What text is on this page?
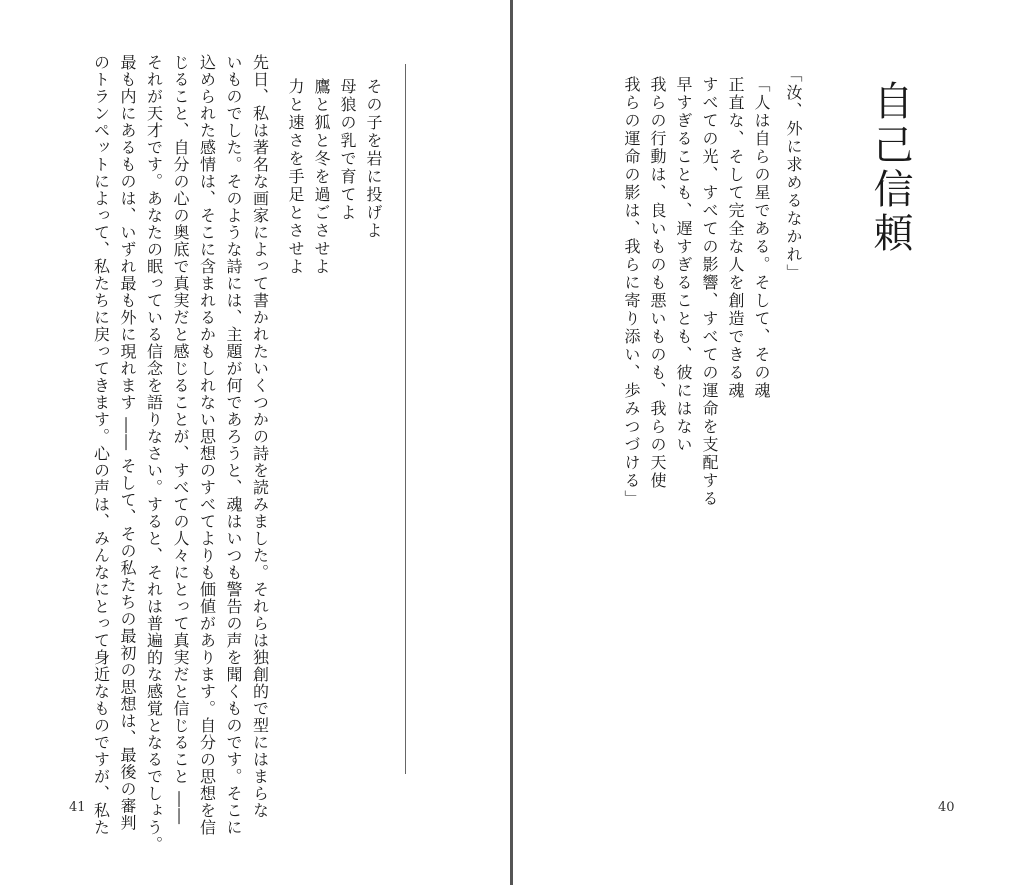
その子を岩に投げよ
母狼の乳で育てよ
鷹と狐と冬を過ごさせよ
力と速さを手足とさせよ
先日、私は著名な画家によって書かれたいくつかの詩を読みました。それらは独創的で型にはまらな
いものでした。そのような詩には、主題が何であろうと、魂はいつも警告の声を聞くものです。そこに
込められた感情は、そこに含まれるかもしれない思想のすべてよりも価値があります。自分の思想を信
じること、自分の心の奥底で真実だと感じることが、すべての人々にとって真実だと信じること ――
それが天才です。あなたの眠っている信念を語りなさい。すると、それは普遍的な感覚となるでしょう。
最も内にあるものは、いずれ最も外に現れます ―― そして、その私たちの最初の思想は、最後の審判
のトランペットによって、私たちに戻ってきます。心の声は、みんなにとって身近なものですが、私た
41	40
自己信頼
「汝、外に求めるなかれ」
「人は自らの星である。そして、その魂
正直な、そして完全な人を創造できる魂
すべての光、すべての影響、すべての運命を支配する
早すぎることも、遅すぎることも、彼にはない
我らの行動は、良いものも悪いものも、我らの天使
我らの運命の影は、我らに寄り添い、歩みつづける」
